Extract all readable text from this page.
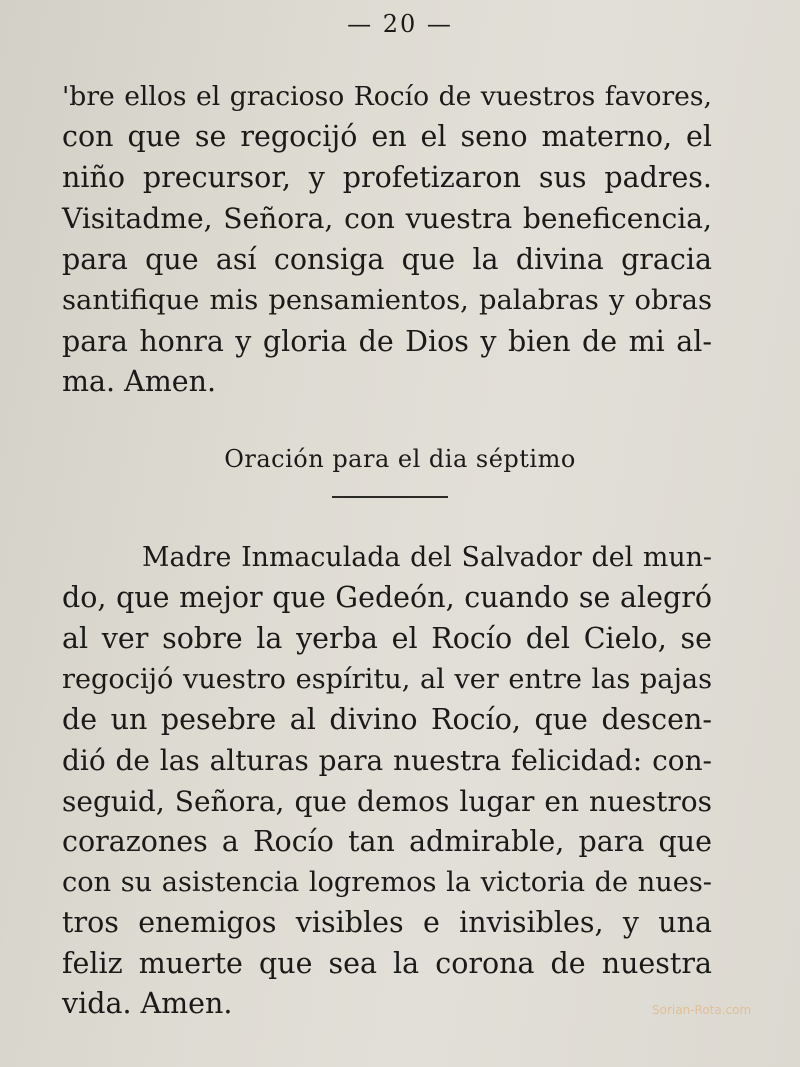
— 20 —
'bre ellos el gracioso Rocío de vuestros favores,
con que se regocijó en el seno materno, el
niño precursor, y profetizaron sus padres.
Visitadme, Señora, con vuestra beneficencia,
para que así consiga que la divina gracia
santifique mis pensamientos, palabras y obras
para honra y gloria de Dios y bien de mi al-
ma. Amen.
Oración para el dia séptimo
Madre Inmaculada del Salvador del mun-
do, que mejor que Gedeón, cuando se alegró
al ver sobre la yerba el Rocío del Cielo, se
regocijó vuestro espíritu, al ver entre las pajas
de un pesebre al divino Rocío, que descen-
dió de las alturas para nuestra felicidad: con-
seguid, Señora, que demos lugar en nuestros
corazones a Rocío tan admirable, para que
con su asistencia logremos la victoria de nues-
tros enemigos visibles e invisibles, y una
feliz muerte que sea la corona de nuestra
vida. Amen.	Sorian-Rota.com
